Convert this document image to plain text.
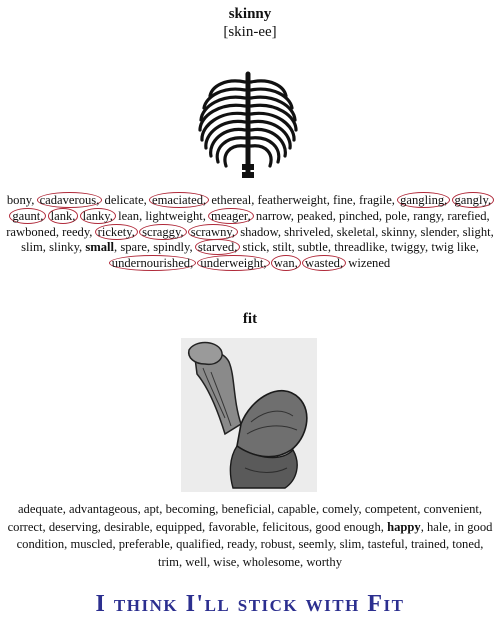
skinny
[skin-ee]
bony, cadaverous, delicate, emaciated, ethereal, featherweight, fine, fragile, gangling, gangly, gaunt, lank, lanky, lean, lightweight, meager, narrow, peaked, pinched, pole, rangy, rarefied, rawboned, reedy, rickety, scraggy, scrawny, shadow, shriveled, skeletal, skinny, slender, slight, slim, slinky, small, spare, spindly, starved, stick, stilt, subtle, threadlike, twiggy, twig like, undernourished, underweight, wan, wasted, wizened
fit
adequate, advantageous, apt, becoming, beneficial, capable, comely, competent, convenient, correct, deserving, desirable, equipped, favorable, felicitous, good enough, happy, hale, in good condition, muscled, preferable, qualified, ready, robust, seemly, slim, tasteful, trained, toned, trim, well, wise, wholesome, worthy
I think I'll stick with Fit
